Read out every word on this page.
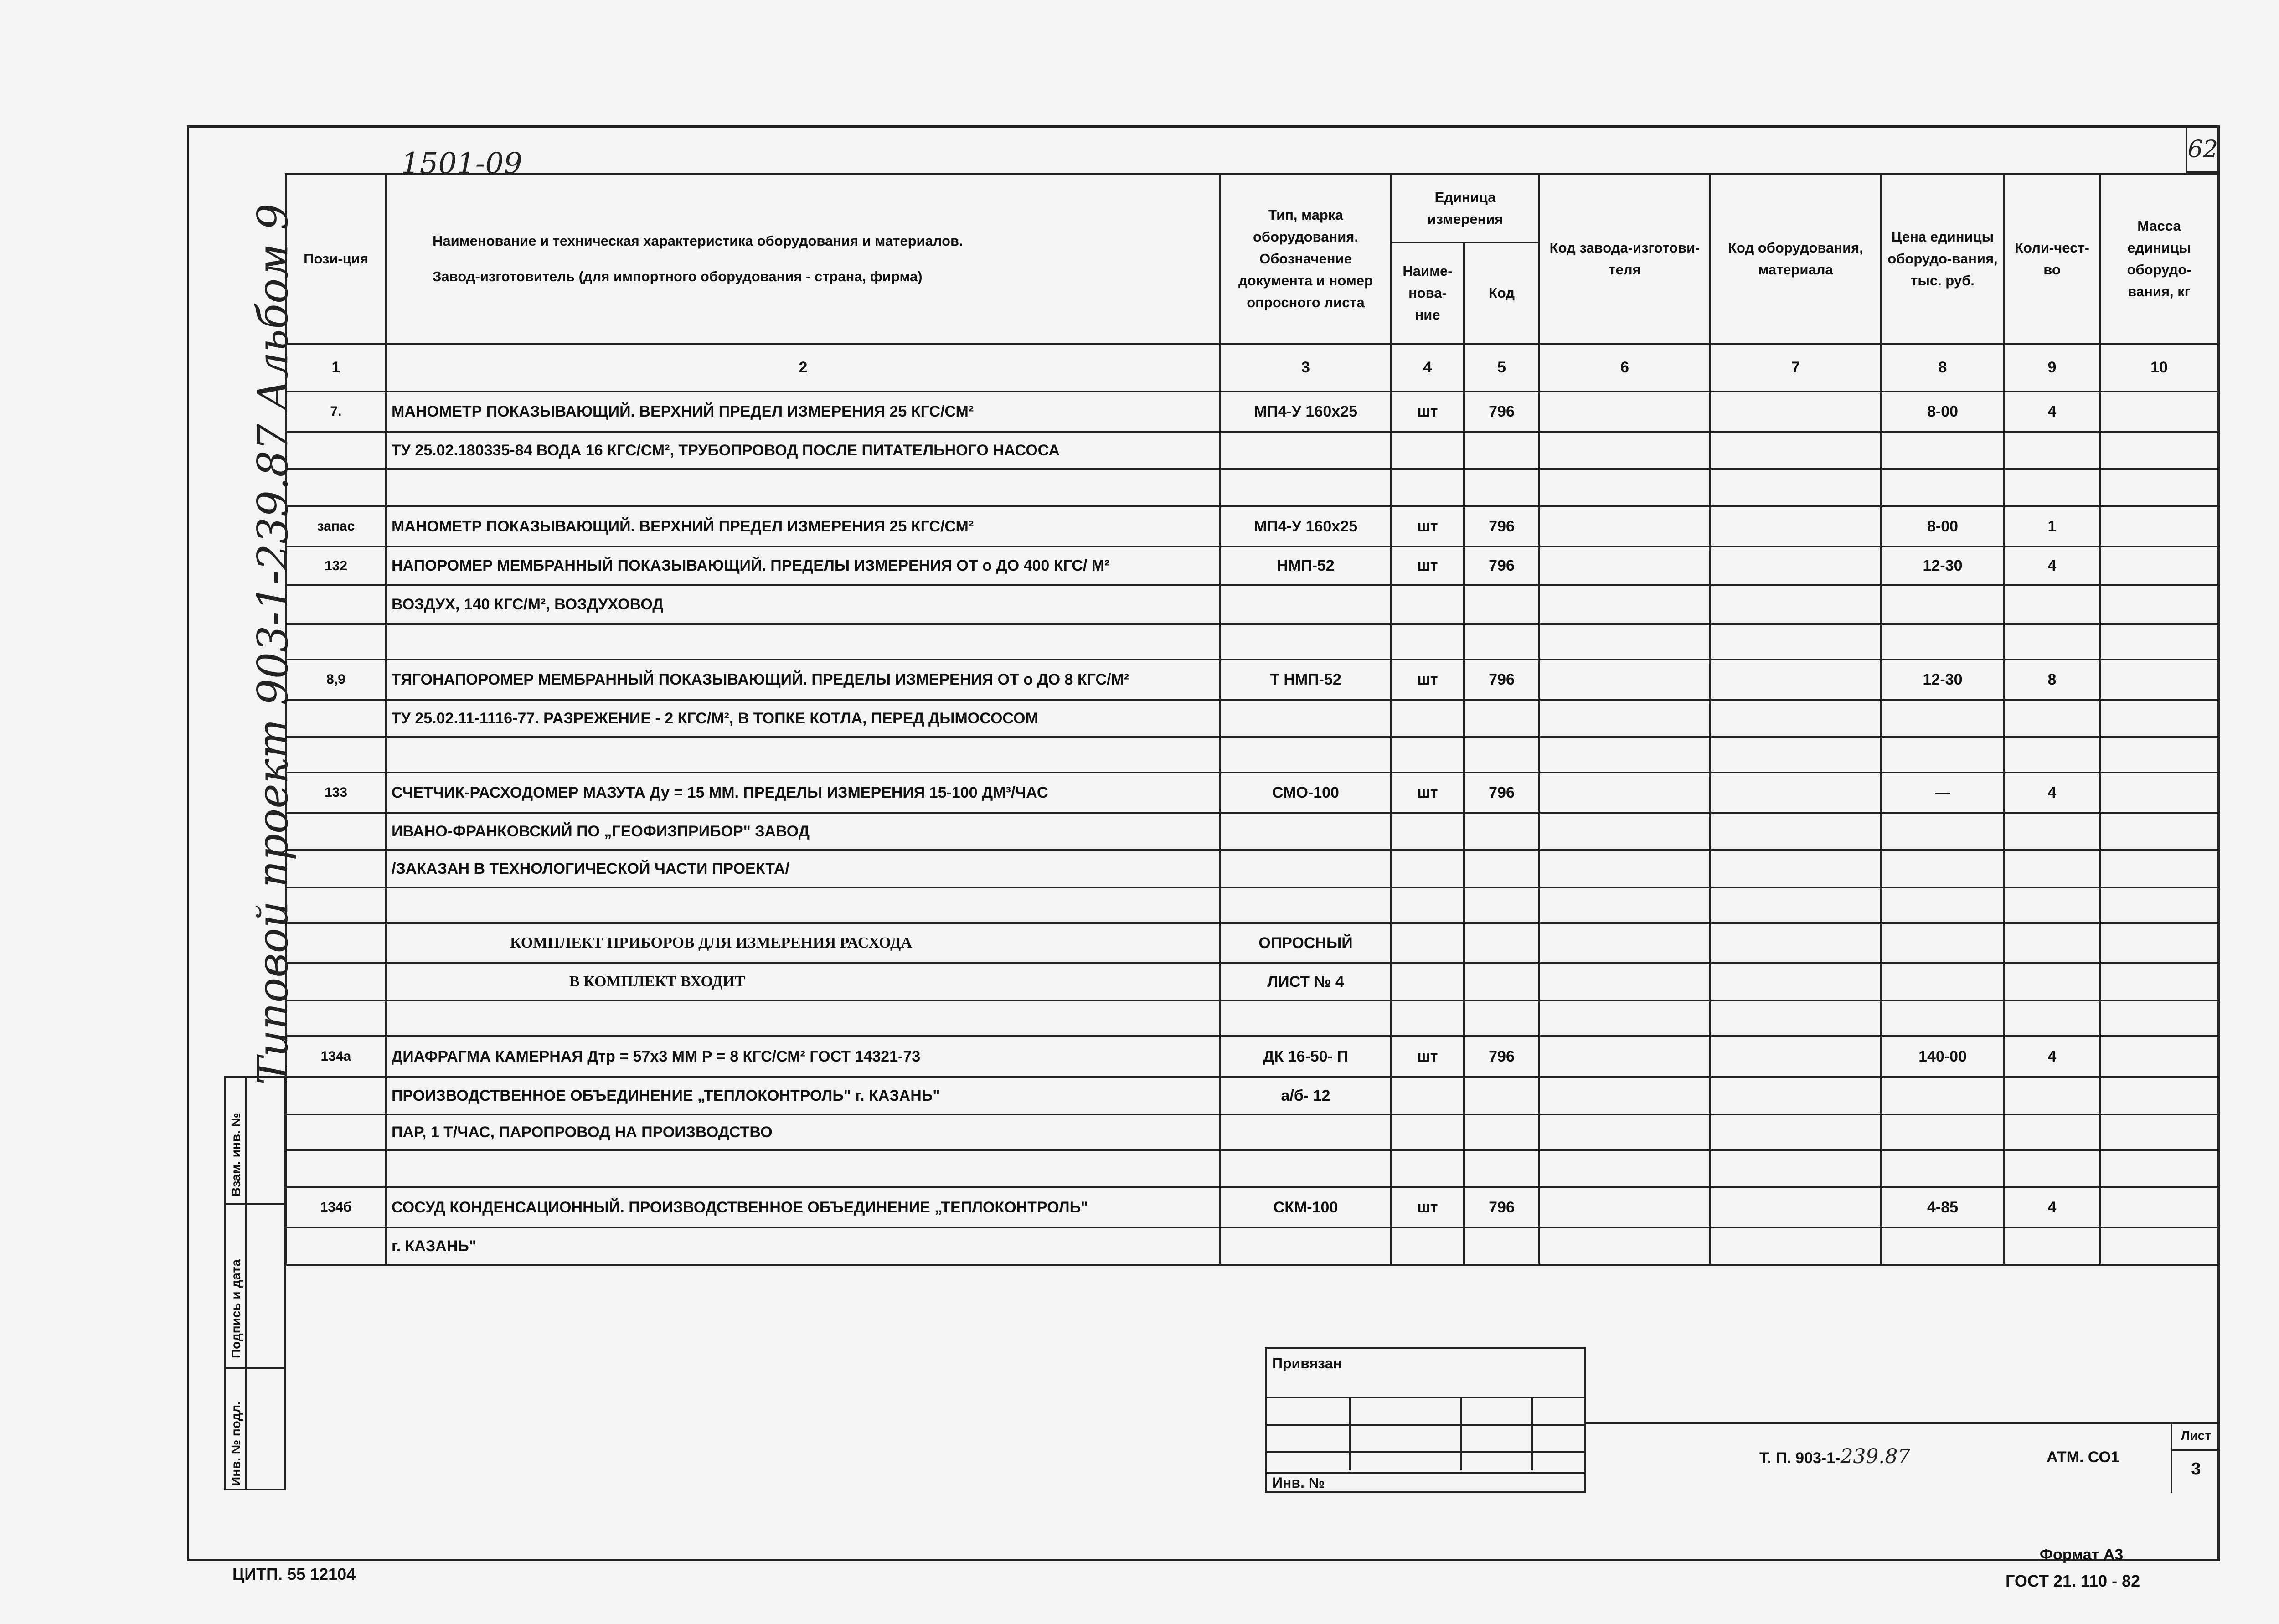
1501-09	62
Типовой проект 903-1-239.87 Альбом 9
Взам. инв. №
Подпись и дата
Инв. № подл.
Пози-ция	Наименование и техническая характеристика оборудования и материалов.
Завод-изготовитель (для импортного оборудования - страна, фирма)	Тип, марка оборудования. Обозначение документа и номер опросного листа	Единица измерения		Код завода-изготови-теля	Код оборудования, материала	Цена единицы оборудо-вания, тыс. руб.	Коли-чест-во	Масса единицы оборудо-вания, кг
			Наиме-нова-ние	Код					
1	2	3	4	5	6	7	8	9	10
7.	МАНОМЕТР ПОКАЗЫВАЮЩИЙ. ВЕРХНИЙ ПРЕДЕЛ ИЗМЕРЕНИЯ 25 КГС/СМ²	МП4-У 160х25	шт	796			8-00	4	
	ТУ 25.02.180335-84 ВОДА 16 КГС/СМ², ТРУБОПРОВОД ПОСЛЕ ПИТАТЕЛЬНОГО НАСОСА								

запас	МАНОМЕТР ПОКАЗЫВАЮЩИЙ. ВЕРХНИЙ ПРЕДЕЛ ИЗМЕРЕНИЯ 25 КГС/СМ²	МП4-У 160х25	шт	796			8-00	1	
132	НАПОРОМЕР МЕМБРАННЫЙ ПОКАЗЫВАЮЩИЙ. ПРЕДЕЛЫ ИЗМЕРЕНИЯ ОТ о ДО 400 КГС/ М²	НМП-52	шт	796			12-30	4	
	ВОЗДУХ, 140 КГС/М², ВОЗДУХОВОД								

8,9	ТЯГОНАПОРОМЕР МЕМБРАННЫЙ ПОКАЗЫВАЮЩИЙ. ПРЕДЕЛЫ ИЗМЕРЕНИЯ ОТ о ДО 8 КГС/М²	Т НМП-52	шт	796			12-30	8	
	ТУ 25.02.11-1116-77. РАЗРЕЖЕНИЕ - 2 КГС/М², В ТОПКЕ КОТЛА, ПЕРЕД ДЫМОСОСОМ								

133	СЧЕТЧИК-РАСХОДОМЕР МАЗУТА Ду = 15 ММ. ПРЕДЕЛЫ ИЗМЕРЕНИЯ 15-100 ДМ³/ЧАС	СМО-100	шт	796			—	4	
	ИВАНО-ФРАНКОВСКИЙ ПО „ГЕОФИЗПРИБОР" ЗАВОД								
	/ЗАКАЗАН В ТЕХНОЛОГИЧЕСКОЙ ЧАСТИ ПРОЕКТА/								

	КОМПЛЕКТ ПРИБОРОВ ДЛЯ ИЗМЕРЕНИЯ РАСХОДА	ОПРОСНЫЙ							
	В КОМПЛЕКТ ВХОДИТ	ЛИСТ № 4							

134а	ДИАФРАГМА КАМЕРНАЯ Дтр = 57х3 ММ Р = 8 КГС/СМ² ГОСТ 14321-73	ДК 16-50- П	шт	796			140-00	4	
	ПРОИЗВОДСТВЕННОЕ ОБЪЕДИНЕНИЕ „ТЕПЛОКОНТРОЛЬ" г. КАЗАНЬ"	а/б- 12							
	ПАР, 1 Т/ЧАС, ПАРОПРОВОД НА ПРОИЗВОДСТВО								

134б	СОСУД КОНДЕНСАЦИОННЫЙ. ПРОИЗВОДСТВЕННОЕ ОБЪЕДИНЕНИЕ „ТЕПЛОКОНТРОЛЬ"	СКМ-100	шт	796			4-85	4	
	г. КАЗАНЬ"								
Привязан
Инв. №
Т. П. 903-1-239.87	АТМ. СО1
Лист
3
ЦИТП. 55 12104
Формат А3
ГОСТ 21. 110 - 82
